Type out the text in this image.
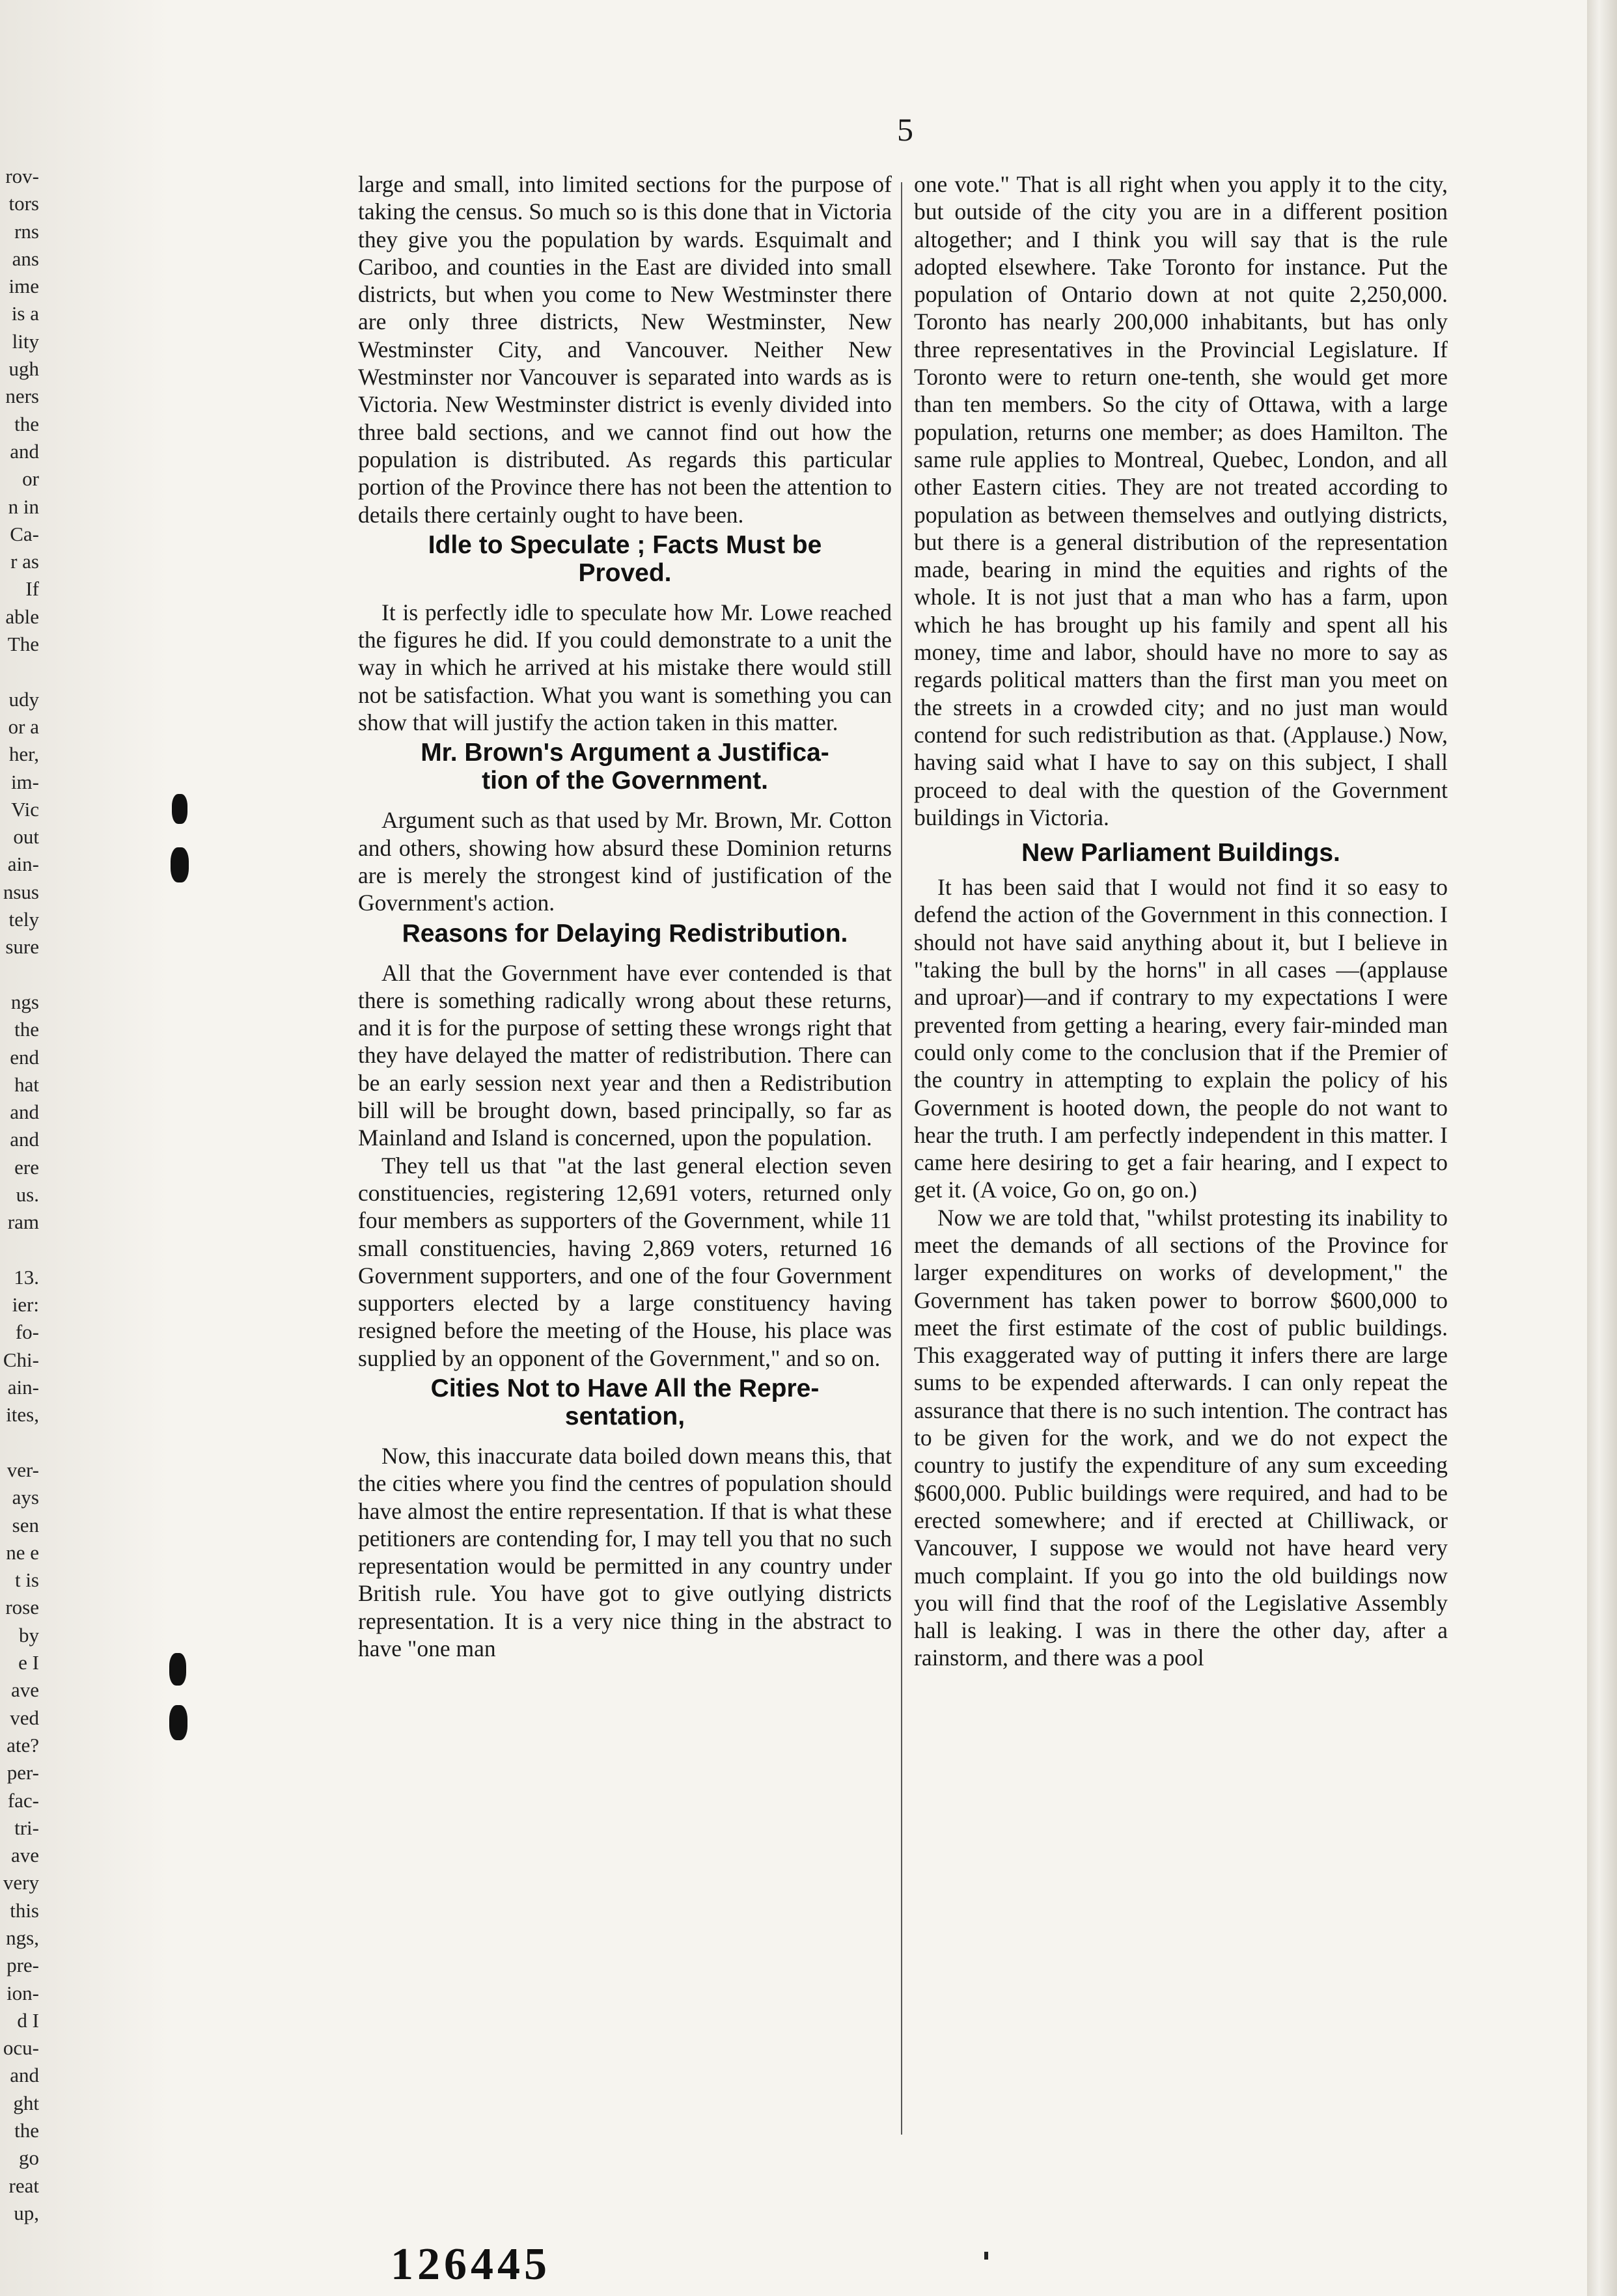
5
rov-
tors
rns
ans
ime
is a
lity
ugh
ners
the
and
or
n in
Ca-
r as
If
able
The

udy
or a
her,
im-
Vic
out
ain-
nsus
tely
sure

ngs
the
end
hat
and
and
ere
us.
ram

13.
ier:
fo-
Chi-
ain-
ites,

ver-
ays
sen
ne e
t is
rose
by
e I
ave
ved
ate?
per-
fac-
tri-
ave
very
this
ngs,
pre-
ion-
d I
ocu-
and
ght
the
go
reat
up,

large and small, into limited sections for the purpose of taking the census. So much so is this done that in Victoria they give you the population by wards. Esquimalt and Cariboo, and counties in the East are divided into small districts, but when you come to New Westminster there are only three districts, New Westminster, New Westminster City, and Vancouver. Neither New Westminster nor Vancouver is separated into wards as is Victoria. New Westminster district is evenly divided into three bald sections, and we cannot find out how the population is distributed. As regards this particular portion of the Province there has not been the attention to details there certainly ought to have been.

Idle to Speculate ; Facts Must be
Proved.

It is perfectly idle to speculate how Mr. Lowe reached the figures he did. If you could demonstrate to a unit the way in which he arrived at his mistake there would still not be satisfaction. What you want is something you can show that will justify the action taken in this matter.

Mr. Brown's Argument a Justifica-
tion of the Government.

Argument such as that used by Mr. Brown, Mr. Cotton and others, showing how absurd these Dominion returns are is merely the strongest kind of justification of the Government's action.

Reasons for Delaying Redistribution.

All that the Government have ever contended is that there is something radically wrong about these returns, and it is for the purpose of setting these wrongs right that they have delayed the matter of redistribution. There can be an early session next year and then a Redistribution bill will be brought down, based principally, so far as Mainland and Island is concerned, upon the population.

They tell us that "at the last general election seven constituencies, registering 12,691 voters, returned only four members as supporters of the Government, while 11 small constituencies, having 2,869 voters, returned 16 Government supporters, and one of the four Government supporters elected by a large constituency having resigned before the meeting of the House, his place was supplied by an opponent of the Government," and so on.

Cities Not to Have All the Repre-
sentation,

Now, this inaccurate data boiled down means this, that the cities where you find the centres of population should have almost the entire representation. If that is what these petitioners are contending for, I may tell you that no such representation would be permitted in any country under British rule. You have got to give outlying districts representation. It is a very nice thing in the abstract to have "one man

one vote." That is all right when you apply it to the city, but outside of the city you are in a different position altogether; and I think you will say that is the rule adopted elsewhere. Take Toronto for instance. Put the population of Ontario down at not quite 2,250,000. Toronto has nearly 200,000 inhabitants, but has only three representatives in the Provincial Legislature. If Toronto were to return one-tenth, she would get more than ten members. So the city of Ottawa, with a large population, returns one member; as does Hamilton. The same rule applies to Montreal, Quebec, London, and all other Eastern cities. They are not treated according to population as between themselves and outlying districts, but there is a general distribution of the representation made, bearing in mind the equities and rights of the whole. It is not just that a man who has a farm, upon which he has brought up his family and spent all his money, time and labor, should have no more to say as regards political matters than the first man you meet on the streets in a crowded city; and no just man would contend for such redistribution as that. (Applause.) Now, having said what I have to say on this subject, I shall proceed to deal with the question of the Government buildings in Victoria.

New Parliament Buildings.

It has been said that I would not find it so easy to defend the action of the Government in this connection. I should not have said anything about it, but I believe in "taking the bull by the horns" in all cases —(applause and uproar)—and if contrary to my expectations I were prevented from getting a hearing, every fair-minded man could only come to the conclusion that if the Premier of the country in attempting to explain the policy of his Government is hooted down, the people do not want to hear the truth. I am perfectly independent in this matter. I came here desiring to get a fair hearing, and I expect to get it. (A voice, Go on, go on.)

Now we are told that, "whilst protesting its inability to meet the demands of all sections of the Province for larger expenditures on works of development," the Government has taken power to borrow $600,000 to meet the first estimate of the cost of public buildings. This exaggerated way of putting it infers there are large sums to be expended afterwards. I can only repeat the assurance that there is no such intention. The contract has to be given for the work, and we do not expect the country to justify the expenditure of any sum exceeding $600,000. Public buildings were required, and had to be erected somewhere; and if erected at Chilliwack, or Vancouver, I suppose we would not have heard very much complaint. If you go into the old buildings now you will find that the roof of the Legislative Assembly hall is leaking. I was in there the other day, after a rainstorm, and there was a pool

126445
